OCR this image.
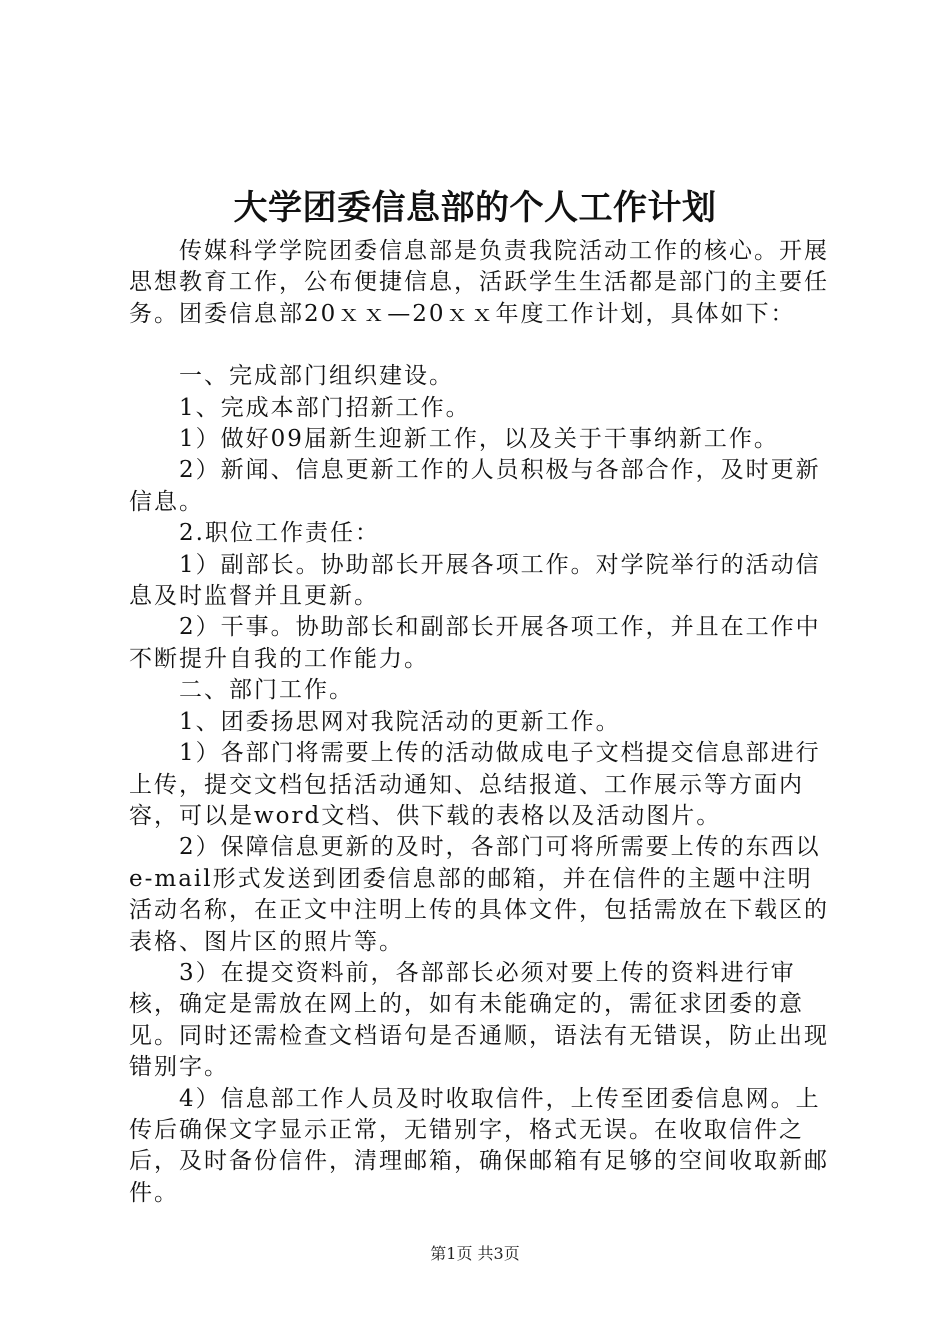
大学团委信息部的个人工作计划

传媒科学学院团委信息部是负责我院活动工作的核心。开展思想教育工作，公布便捷信息，活跃学生生活都是部门的主要任务。团委信息部20ｘｘ—20ｘｘ年度工作计划，具体如下：

一、完成部门组织建设。

1、完成本部门招新工作。

1）做好09届新生迎新工作，以及关于干事纳新工作。

2）新闻、信息更新工作的人员积极与各部合作，及时更新信息。

2.职位工作责任：

1）副部长。协助部长开展各项工作。对学院举行的活动信息及时监督并且更新。

2）干事。协助部长和副部长开展各项工作，并且在工作中不断提升自我的工作能力。

二、部门工作。

1、团委扬思网对我院活动的更新工作。

1）各部门将需要上传的活动做成电子文档提交信息部进行上传，提交文档包括活动通知、总结报道、工作展示等方面内容，可以是word文档、供下载的表格以及活动图片。

2）保障信息更新的及时，各部门可将所需要上传的东西以e-mail形式发送到团委信息部的邮箱，并在信件的主题中注明活动名称，在正文中注明上传的具体文件，包括需放在下载区的表格、图片区的照片等。

3）在提交资料前，各部部长必须对要上传的资料进行审核，确定是需放在网上的，如有未能确定的，需征求团委的意见。同时还需检查文档语句是否通顺，语法有无错误，防止出现错别字。

4）信息部工作人员及时收取信件，上传至团委信息网。上传后确保文字显示正常，无错别字，格式无误。在收取信件之后，及时备份信件，清理邮箱，确保邮箱有足够的空间收取新邮件。

第1页 共3页
